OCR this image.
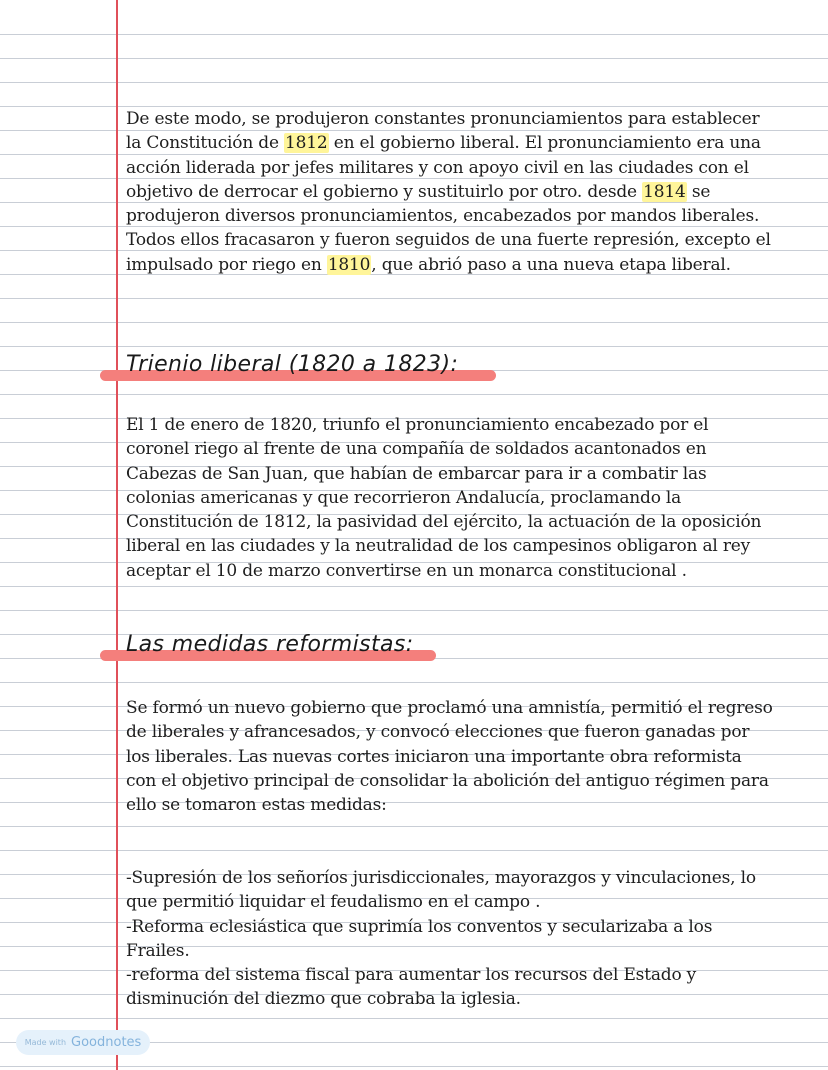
De este modo, se produjeron constantes pronunciamientos para establecer la Constitución de 1812 en el gobierno liberal. El pronunciamiento era una acción liderada por jefes militares y con apoyo civil en las ciudades con el objetivo de derrocar el gobierno y sustituirlo por otro. desde 1814 se produjeron diversos pronunciamientos, encabezados por mandos liberales. Todos ellos fracasaron y fueron seguidos de una fuerte represión, excepto el impulsado por riego en 1810, que abrió paso a una nueva etapa liberal.

Trienio liberal (1820 a 1823):

El 1 de enero de 1820, triunfo el pronunciamiento encabezado por el coronel riego al frente de una compañía de soldados acantonados en Cabezas de San Juan, que habían de embarcar para ir a combatir las colonias americanas y que recorrieron Andalucía, proclamando la Constitución de 1812, la pasividad del ejército, la actuación de la oposición liberal en las ciudades y la neutralidad de los campesinos obligaron al rey aceptar el 10 de marzo convertirse en un monarca constitucional .

Las medidas reformistas:

Se formó un nuevo gobierno que proclamó una amnistía, permitió el regreso de liberales y afrancesados, y convocó elecciones que fueron ganadas por los liberales. Las nuevas cortes iniciaron una importante obra reformista con el objetivo principal de consolidar la abolición del antiguo régimen para ello se tomaron estas medidas:

-Supresión de los señoríos jurisdiccionales, mayorazgos y vinculaciones, lo que permitió liquidar el feudalismo en el campo .

-Reforma eclesiástica que suprimía los conventos y secularizaba a los Frailes.

-reforma del sistema fiscal para aumentar los recursos del Estado y disminución del diezmo que cobraba la iglesia.

Made with Goodnotes
